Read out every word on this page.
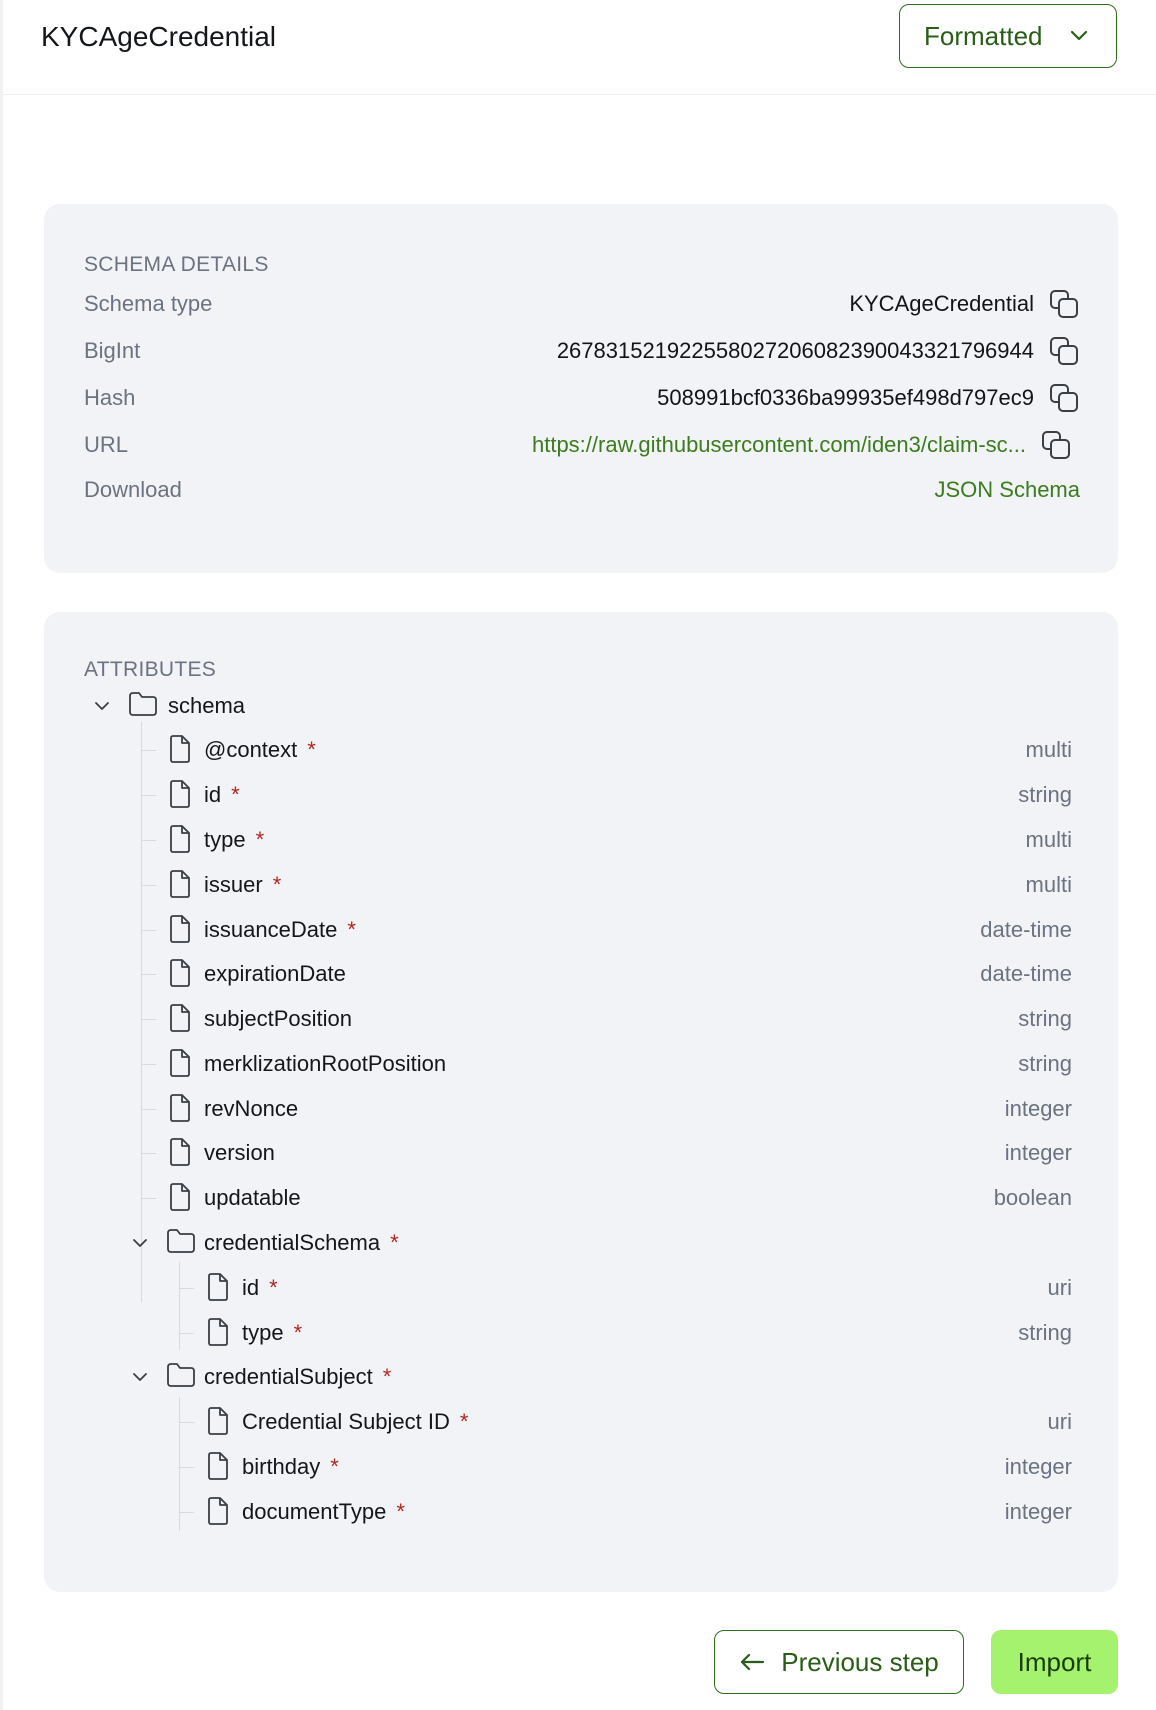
KYCAgeCredential	Formatted
SCHEMA DETAILS
Schema type	KYCAgeCredential
BigInt	267831521922558027206082390043321796944
Hash	508991bcf0336ba99935ef498d797ec9
URL	https://raw.githubusercontent.com/iden3/claim-sc...
Download	JSON Schema
ATTRIBUTES
schema
@context *	multi
id *	string
type *	multi
issuer *	multi
issuanceDate *	date-time
expirationDate	date-time
subjectPosition	string
merklizationRootPosition	string
revNonce	integer
version	integer
updatable	boolean
credentialSchema *
id *	uri
type *	string
credentialSubject *
Credential Subject ID *	uri
birthday *	integer
documentType *	integer
Previous step	Import
